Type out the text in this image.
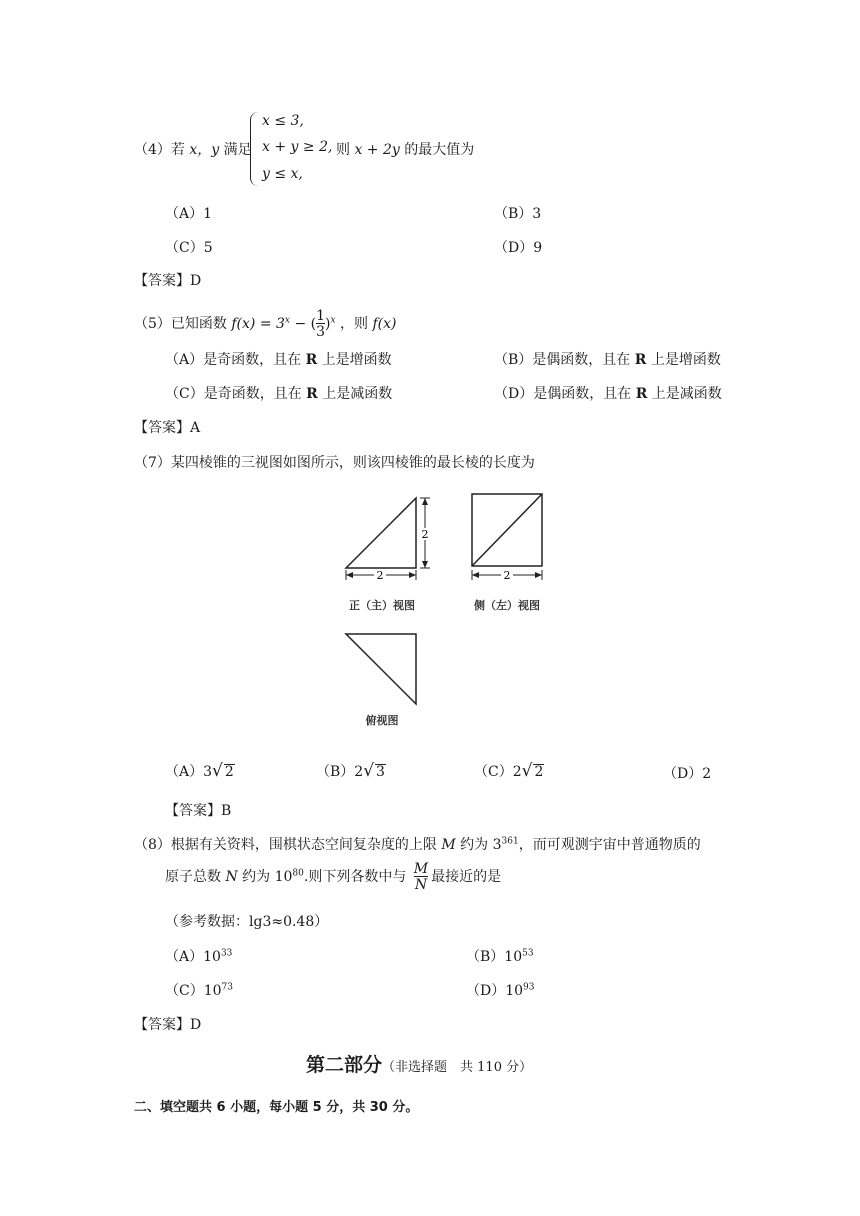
（4）若 x，y 满足
x ≤ 3,
x + y ≥ 2,
y ≤ x,
则 x + 2y 的最大值为
（A）1	（B）3
（C）5	（D）9
【答案】D
（5）已知函数 $f(x) = 3^x$ − ( $\frac{1}{3} )^x$ ，则 f(x)
（A）是奇函数，且在 R 上是增函数	（B）是偶函数，且在 R 上是增函数
（C）是奇函数，且在 R 上是减函数	（D）是偶函数，且在 R 上是减函数
【答案】A
（7）某四棱锥的三视图如图所示，则该四棱锥的最长棱的长度为
2
2
正（主）视图
2
侧（左）视图
俯视图
（A）3√ 2	（B）2√ 3	（C）2√ 2	（D）2
【答案】B
（8）根据有关资料，围棋状态空间复杂度的上限 M 约为 $3^{361}$，而可观测宇宙中普通物质的
原子总数 N 约为 $10^{80}$.则下列各数中与 $\frac{M}{N}$ 最接近的是
（参考数据：lg3≈0.48）
$(A)10^{33}$	$(B)10^{53}$
$(C)10^{73}$	$(D)10^{93}$
【答案】D
第二部分（非选择题　共 110 分）
二、填空题共 6 小题，每小题 5 分，共 30 分。
